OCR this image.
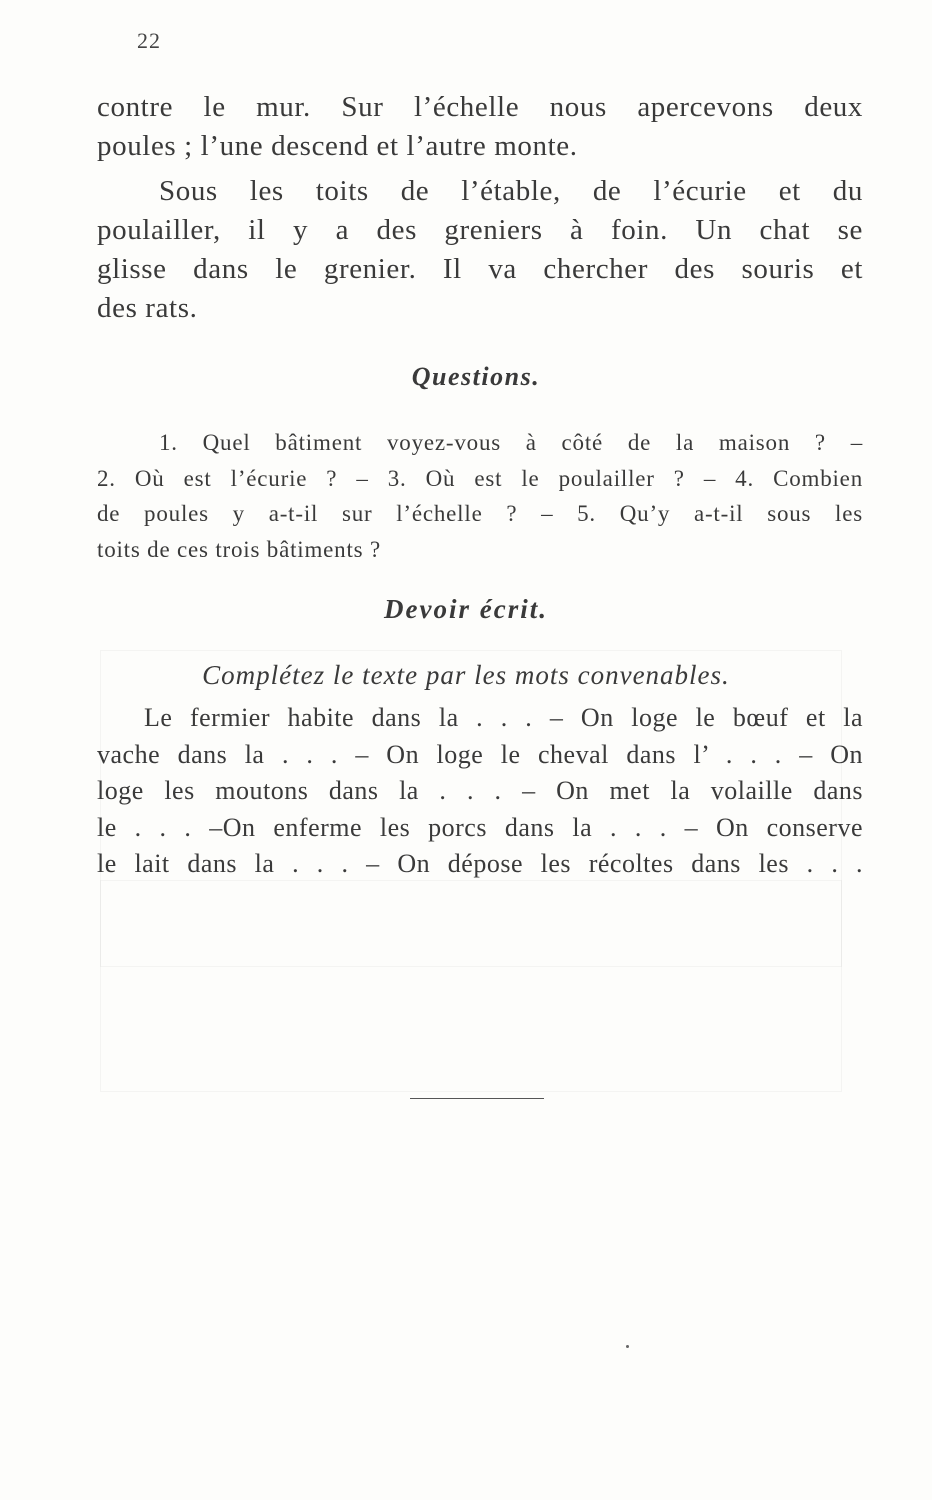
22
contre le mur. Sur l’échelle nous apercevons deux
poules ; l’une descend et l’autre monte.
Sous les toits de l’étable, de l’écurie et du
poulailler, il y a des greniers à foin. Un chat se
glisse dans le grenier. Il va chercher des souris et
des rats.
Questions.
1. Quel bâtiment voyez-vous à côté de la maison ? –
2. Où est l’écurie ? – 3. Où est le poulailler ? – 4. Combien
de poules y a-t-il sur l’échelle ? – 5. Qu’y a-t-il sous les
toits de ces trois bâtiments ?
Devoir écrit.
Complétez le texte par les mots convenables.
Le fermier habite dans la . . . – On loge le bœuf et la
vache dans la . . . – On loge le cheval dans l’ . . . – On
loge les moutons dans la . . . – On met la volaille dans
le . . . –On enferme les porcs dans la . . . – On conserve
le lait dans la . . . – On dépose les récoltes dans les . . .
